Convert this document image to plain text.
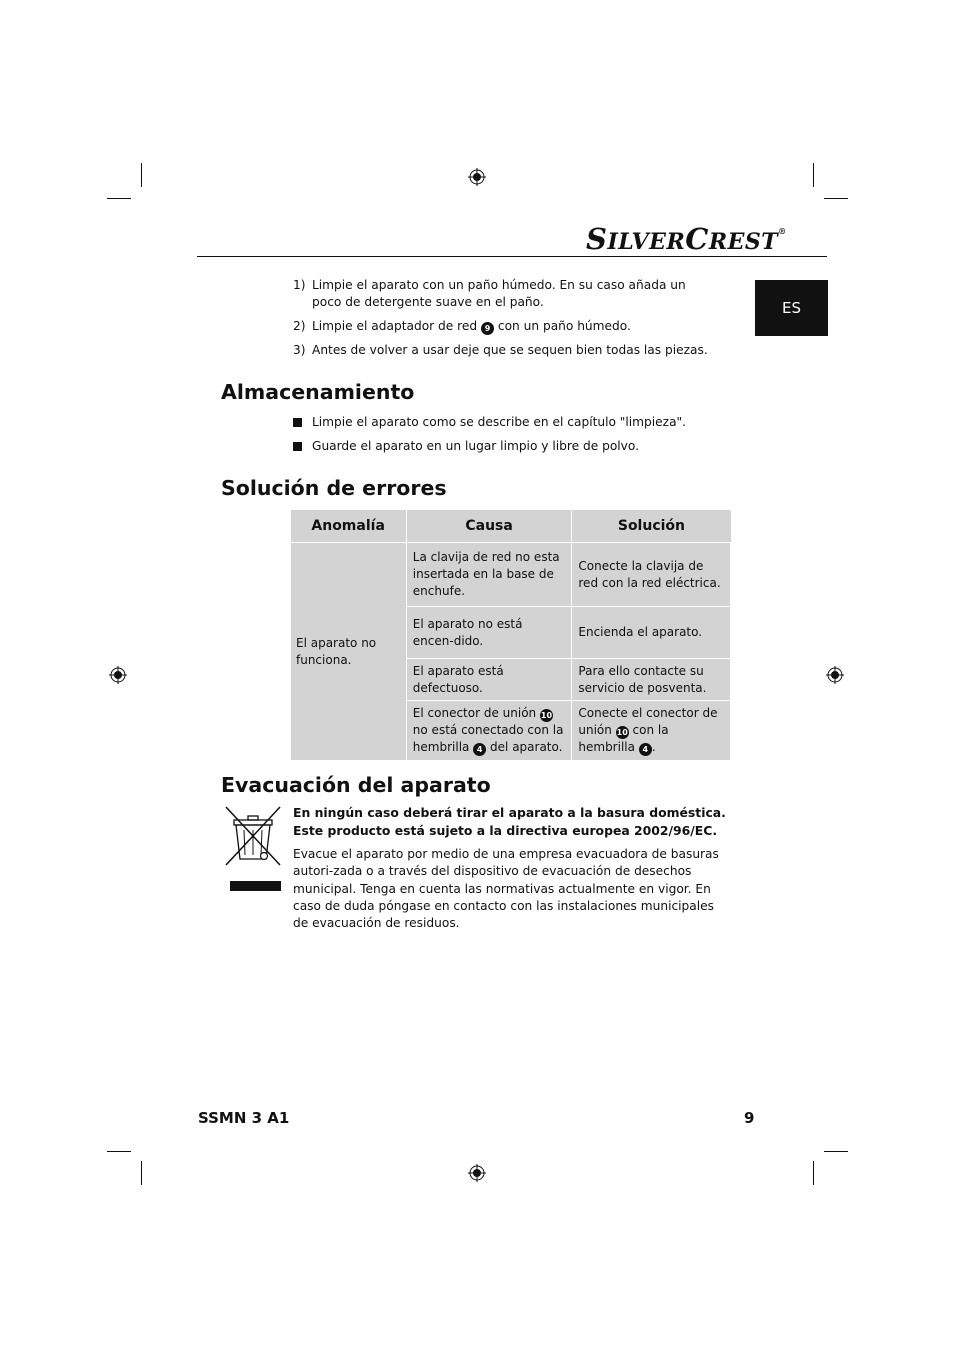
SILVERCREST®
ES
1) Limpie el aparato con un paño húmedo. En su caso añada un poco de detergente suave en el paño.
2) Limpie el adaptador de red 9 con un paño húmedo.
3) Antes de volver a usar deje que se sequen bien todas las piezas.
Almacenamiento
Limpie el aparato como se describe en el capítulo "limpieza".
Guarde el aparato en un lugar limpio y libre de polvo.
Solución de errores
Anomalía	Causa	Solución
El aparato no funciona.	La clavija de red no esta insertada en la base de enchufe.	Conecte la clavija de red con la red eléctrica.
	El aparato no está encen-dido.	Encienda el aparato.
	El aparato está defectuoso.	Para ello contacte su servicio de posventa.
	El conector de unión 10 no está conectado con la hembrilla 4 del aparato.	Conecte el conector de unión 10 con la hembrilla 4 .
Evacuación del aparato
En ningún caso deberá tirar el aparato a la basura doméstica. Este producto está sujeto a la directiva europea 2002/96/EC.
Evacue el aparato por medio de una empresa evacuadora de basuras autori-zada o a través del dispositivo de evacuación de desechos municipal. Tenga en cuenta las normativas actualmente en vigor. En caso de duda póngase en contacto con las instalaciones municipales de evacuación de residuos.
SSMN 3 A1	9
